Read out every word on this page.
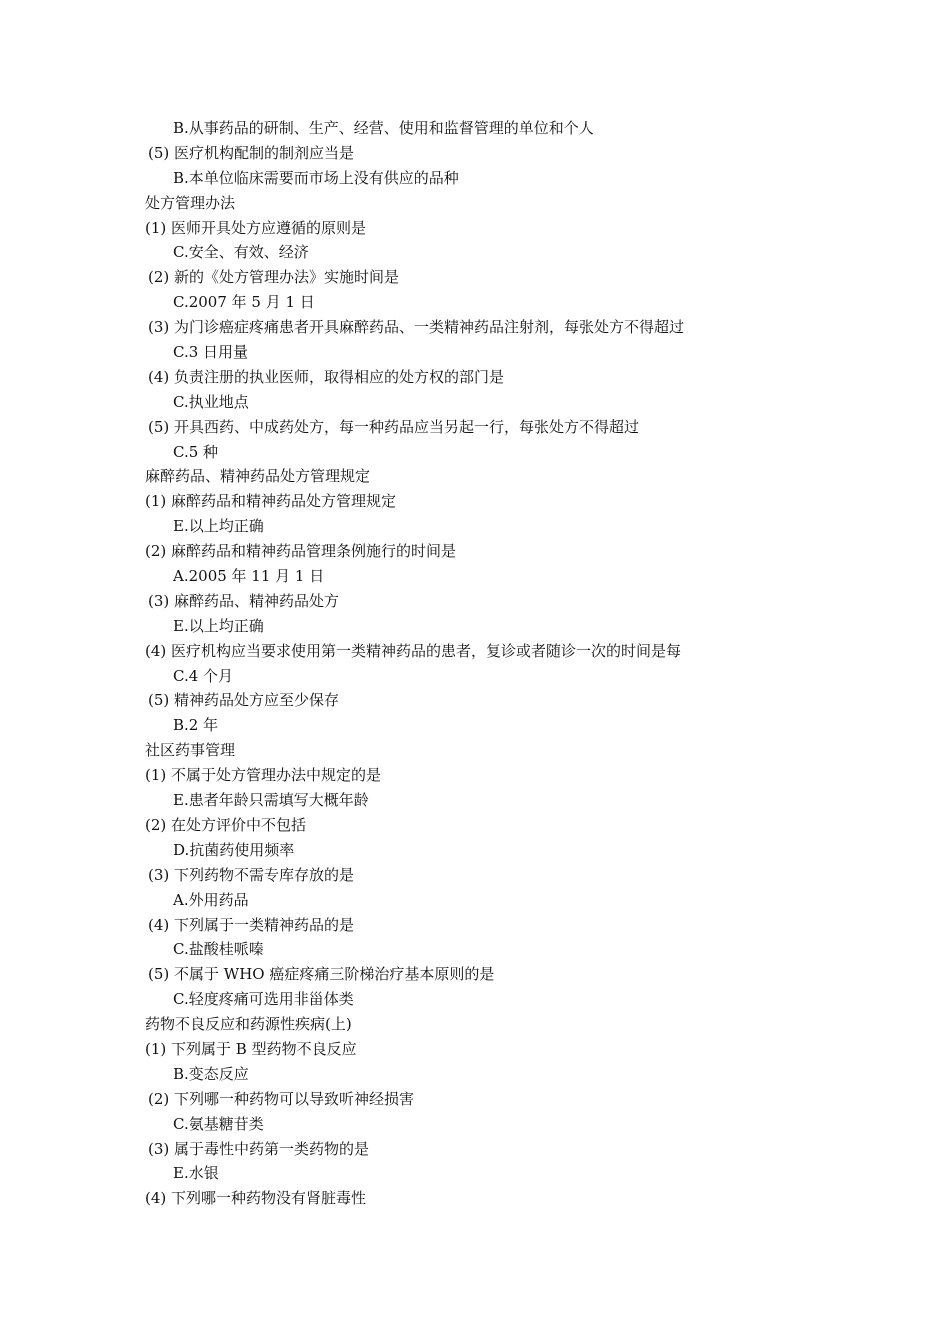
B.从事药品的研制、生产、经营、使用和监督管理的单位和个人
(5) 医疗机构配制的制剂应当是
B.本单位临床需要而市场上没有供应的品种
处方管理办法
(1) 医师开具处方应遵循的原则是
C.安全、有效、经济
(2) 新的《处方管理办法》实施时间是
C.2007 年 5 月 1 日
(3) 为门诊癌症疼痛患者开具麻醉药品、一类精神药品注射剂，每张处方不得超过
C.3 日用量
(4) 负责注册的执业医师，取得相应的处方权的部门是
C.执业地点
(5) 开具西药、中成药处方，每一种药品应当另起一行，每张处方不得超过
C.5 种
麻醉药品、精神药品处方管理规定
(1) 麻醉药品和精神药品处方管理规定
E.以上均正确
(2) 麻醉药品和精神药品管理条例施行的时间是
A.2005 年 11 月 1 日
(3) 麻醉药品、精神药品处方
E.以上均正确
(4) 医疗机构应当要求使用第一类精神药品的患者，复诊或者随诊一次的时间是每
C.4 个月
(5) 精神药品处方应至少保存
B.2 年
社区药事管理
(1) 不属于处方管理办法中规定的是
E.患者年龄只需填写大概年龄
(2) 在处方评价中不包括
D.抗菌药使用频率
(3) 下列药物不需专库存放的是
A.外用药品
(4) 下列属于一类精神药品的是
C.盐酸桂哌嗪
(5) 不属于 WHO 癌症疼痛三阶梯治疗基本原则的是
C.轻度疼痛可选用非甾体类
药物不良反应和药源性疾病(上)
(1) 下列属于 B 型药物不良反应
B.变态反应
(2) 下列哪一种药物可以导致听神经损害
C.氨基糖苷类
(3) 属于毒性中药第一类药物的是
E.水银
(4) 下列哪一种药物没有肾脏毒性
